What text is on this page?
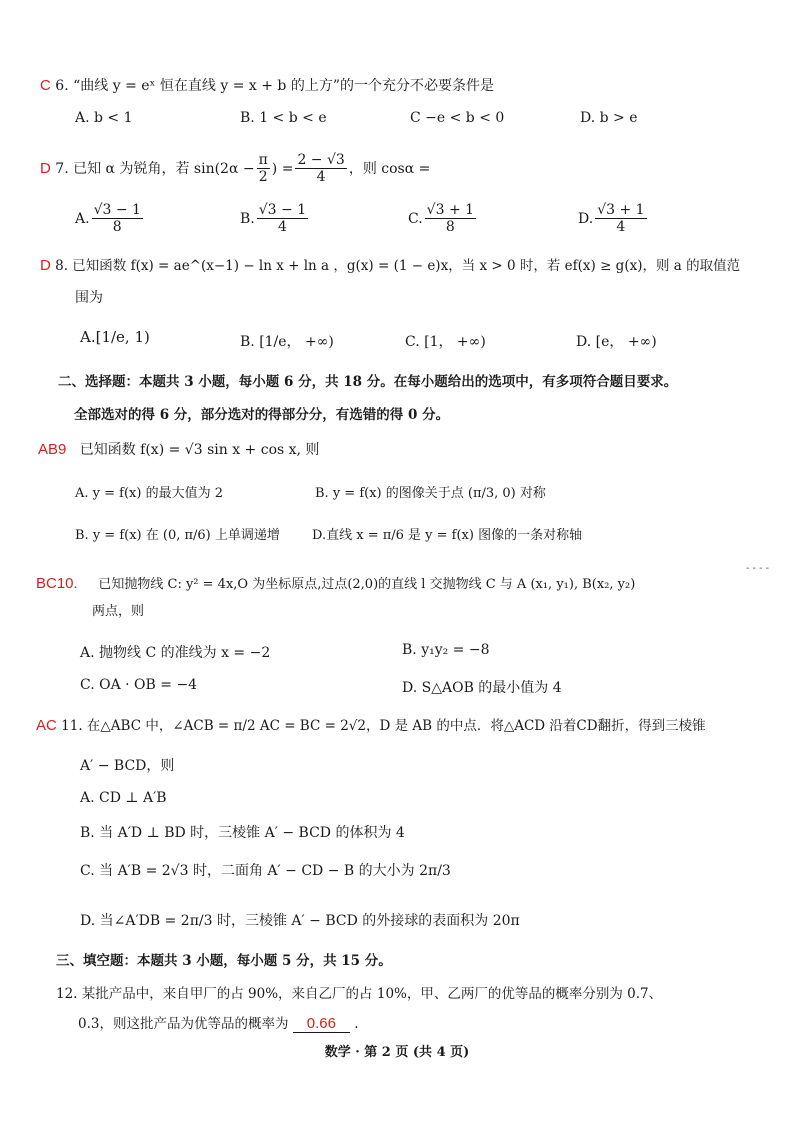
C 6. “曲线 y = eˣ 恒在直线 y = x + b 的上方”的一个充分不必要条件是
A. b < 1	B. 1 < b < e	C −e < b < 0	D. b > e
D
7. 已知 α 为锐角，若 $\sin(2\alpha - \frac{\pi}{2}$ ) = $\frac{2 - √3}{4}$ ，则 cosα =
A. $\frac{√3 - 1}{8}$	B. $\frac{√3 - 1}{4}$	C. $\frac{√3 + 1}{8}$	D. $\frac{√3 + 1}{4}$
D 8. 已知函数 f(x) = ae^(x−1) − ln x + ln a ，g(x) = (1 − e)x，当 x > 0 时，若 ef(x) ≥ g(x)，则 a 的取值范
围为
A.[1/e, 1)	B. [1/e， +∞)	C. [1， +∞)	D. [e， +∞)
二、选择题：本题共 3 小题，每小题 6 分，共 18 分。在每小题给出的选项中，有多项符合题目要求。
全部选对的得 6 分，部分选对的得部分分，有选错的得 0 分。
AB9 已知函数 f(x) = √3 sin x + cos x, 则
A. y = f(x) 的最大值为 2	B. y = f(x) 的图像关于点 (π/3, 0) 对称
B. y = f(x) 在 (0, π/6) 上单调递增 D.直线 x = π/6 是 y = f(x) 图像的一条对称轴
BC10. 已知抛物线 C: y² = 4x,O 为坐标原点,过点(2,0)的直线 l 交抛物线 C 与 A (x₁, y₁), B(x₂, y₂)
两点，则
A. 抛物线 C 的准线为 x = −2	B. y₁y₂ = −8
C. OA · OB = −4	D. S△AOB 的最小值为 4
AC 11. 在△ABC 中，∠ACB = π/2 AC = BC = 2√2，D 是 AB 的中点．将△ACD 沿着CD翻折，得到三棱锥
A′ − BCD，则
A. CD ⊥ A′B
B. 当 A′D ⊥ BD 时，三棱锥 A′ − BCD 的体积为 4
C. 当 A′B = 2√3 时，二面角 A′ − CD − B 的大小为 2π/3
D. 当∠A′DB = 2π/3 时，三棱锥 A′ − BCD 的外接球的表面积为 20π
三、填空题：本题共 3 小题，每小题 5 分，共 15 分。
12. 某批产品中，来自甲厂的占 90%，来自乙厂的占 10%，甲、乙两厂的优等品的概率分别为 0.7、
0.3，则这批产品为优等品的概率为 0.66 .
- - - -
数学 · 第 2 页 (共 4 页)
